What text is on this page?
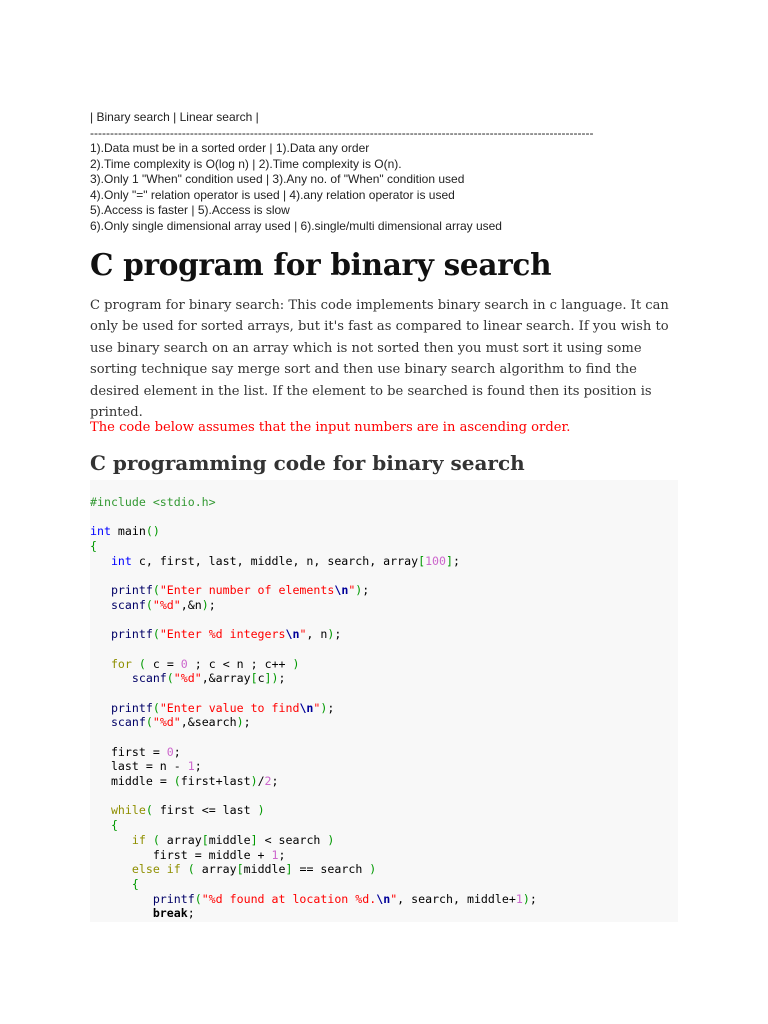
| Binary search | Linear search |
------------------------------------------------------------------------------------------------------------------------------
1).Data must be in a sorted order | 1).Data any order
2).Time complexity is O(log n) | 2).Time complexity is O(n).
3).Only 1 "When" condition used | 3).Any no. of "When" condition used
4).Only "=" relation operator is used | 4).any relation operator is used
5).Access is faster | 5).Access is slow
6).Only single dimensional array used | 6).single/multi dimensional array used
C program for binary search

C program for binary search: This code implements binary search in c language. It can only be used for sorted arrays, but it's fast as compared to linear search. If you wish to use binary search on an array which is not sorted then you must sort it using some sorting technique say merge sort and then use binary search algorithm to find the desired element in the list. If the element to be searched is found then its position is printed.

The code below assumes that the input numbers are in ascending order.

C programming code for binary search
#include <stdio.h>

int main()
{
int c, first, last, middle, n, search, array[100];

printf("Enter number of elements\n");
scanf("%d",&n);

printf("Enter %d integers\n", n);

for ( c = 0 ; c < n ; c++ )
scanf("%d",&array[c]);

printf("Enter value to find\n");
scanf("%d",&search);

first = 0;
last = n - 1;
middle = (first+last)/2;

while( first <= last )
{
if ( array[middle] < search )
first = middle + 1;
else if ( array[middle] == search )
{
printf("%d found at location %d.\n", search, middle+1);
break;
